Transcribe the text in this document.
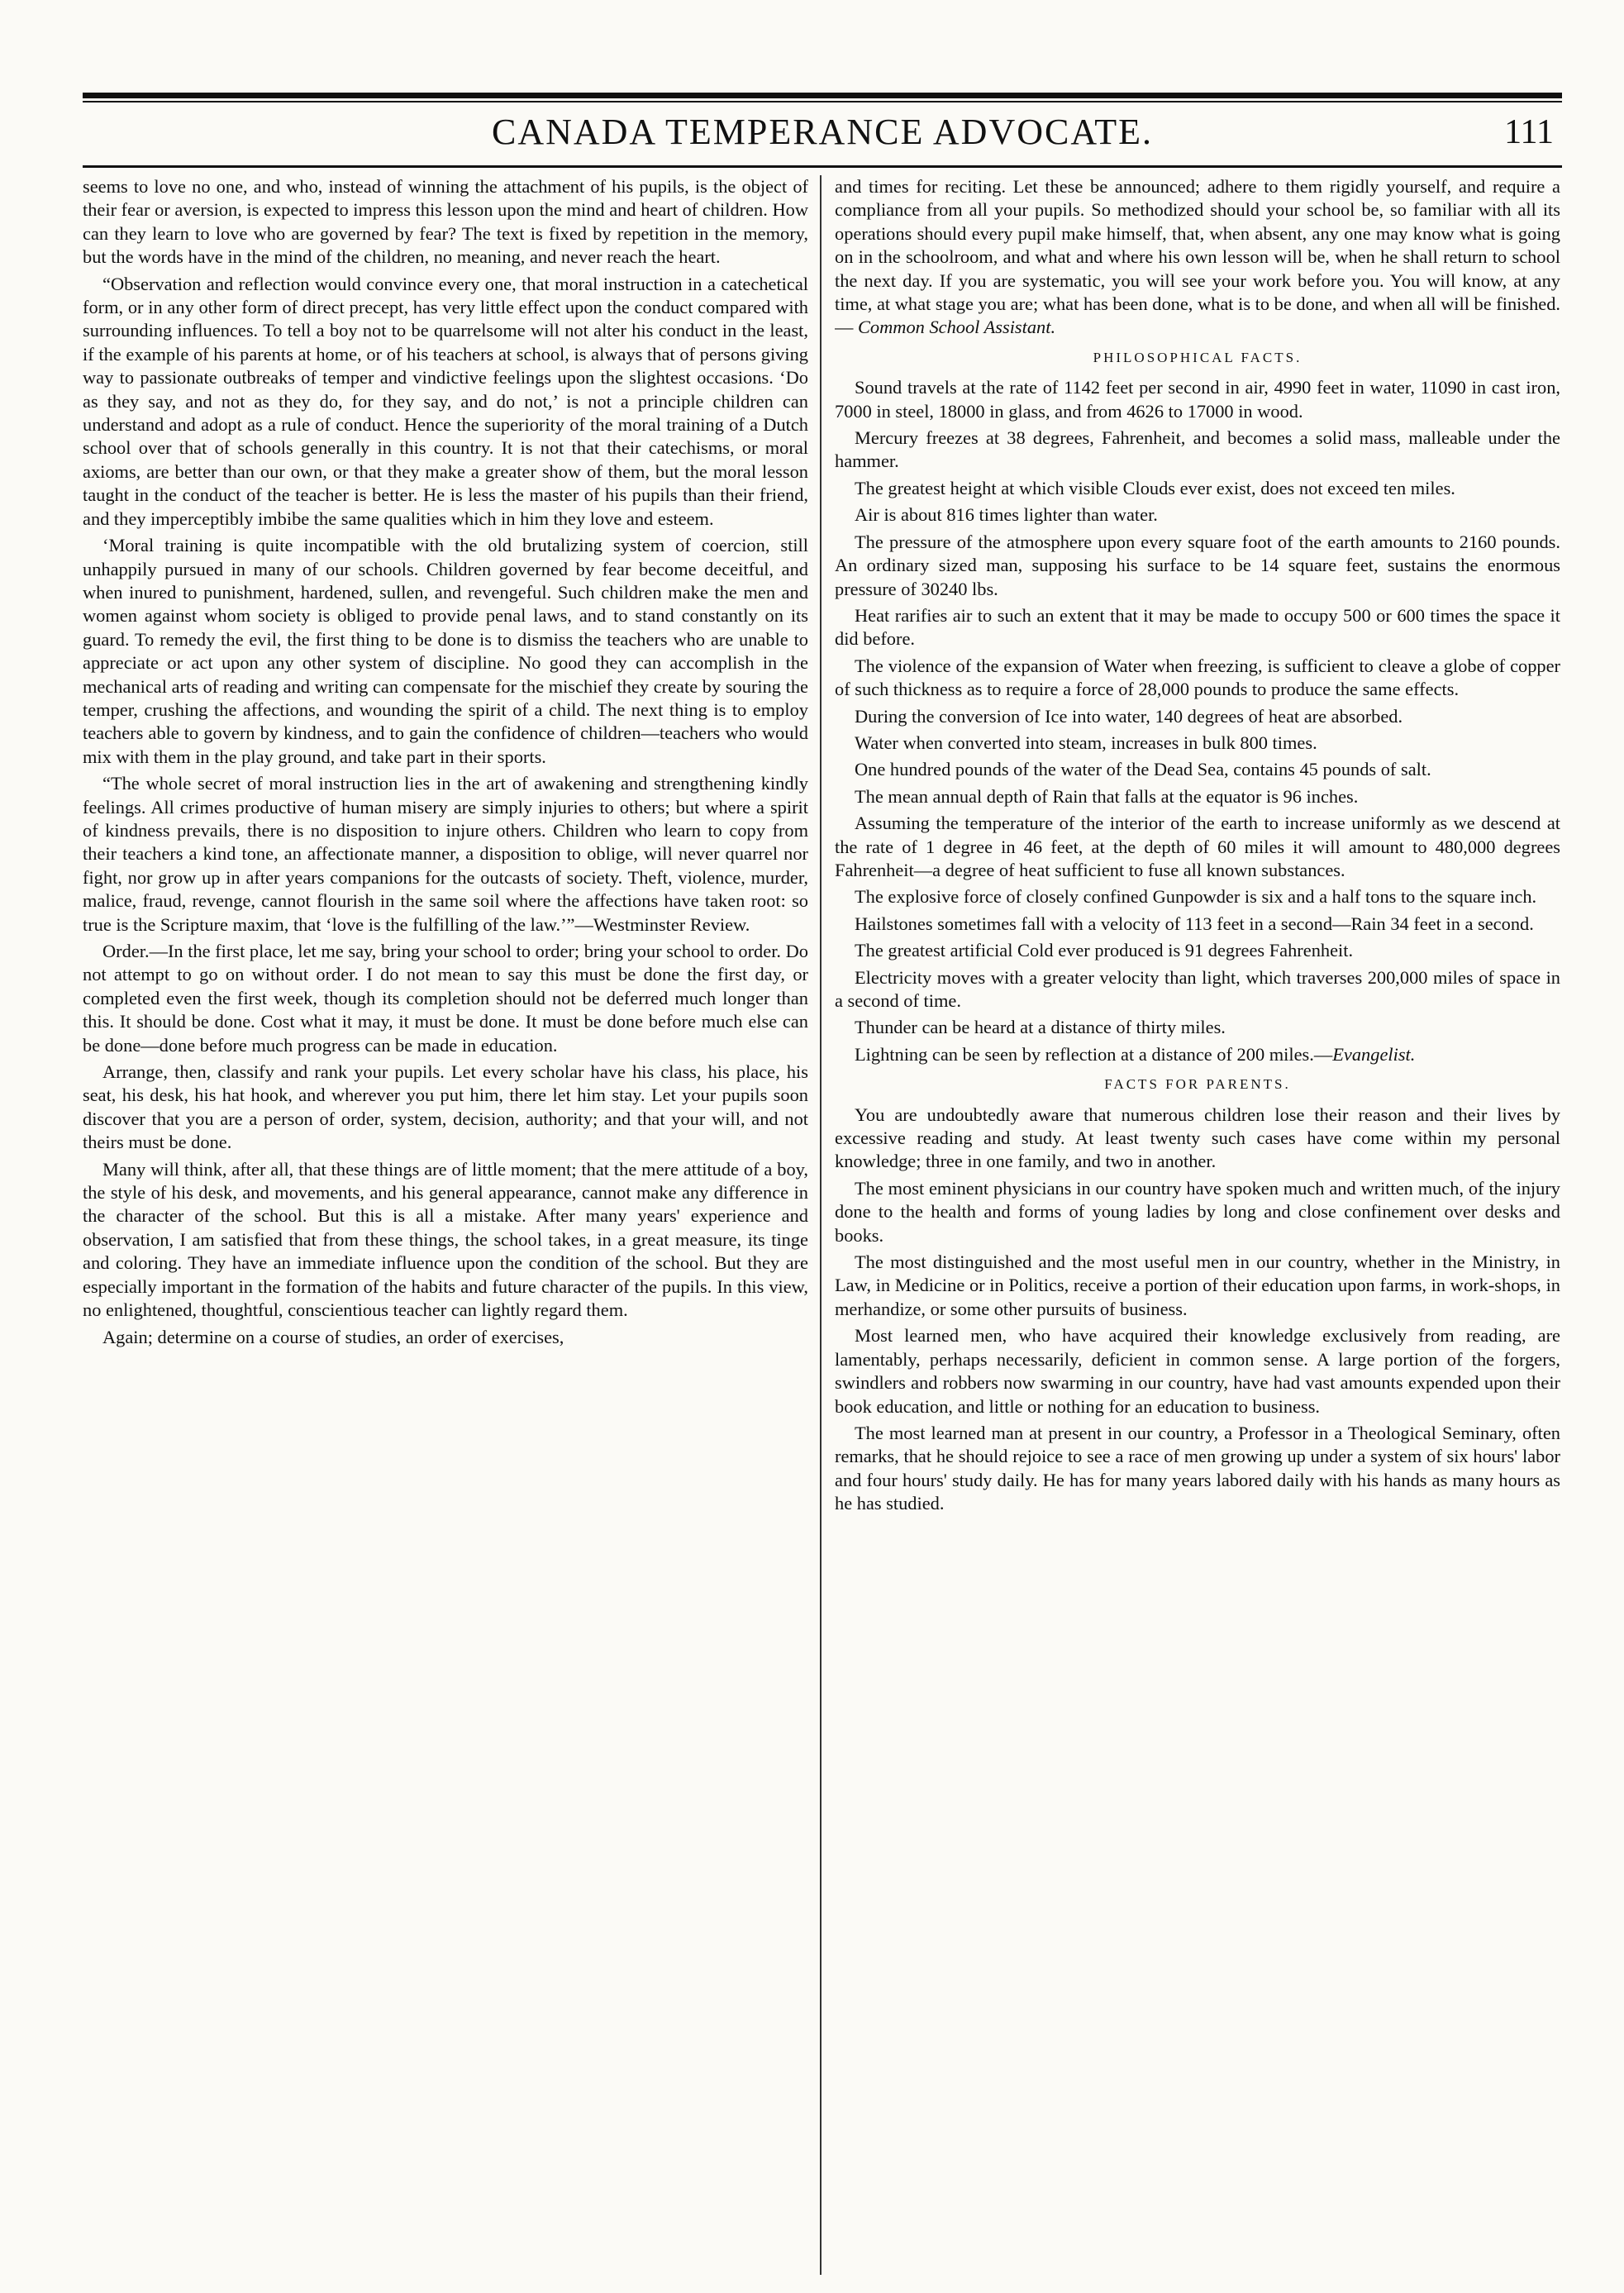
CANADA TEMPERANCE ADVOCATE.	111

seems to love no one, and who, instead of winning the attachment of his pupils, is the object of their fear or aversion, is expected to impress this lesson upon the mind and heart of children. How can they learn to love who are governed by fear? The text is fixed by repetition in the memory, but the words have in the mind of the children, no meaning, and never reach the heart.

“Observation and reflection would convince every one, that moral instruction in a catechetical form, or in any other form of direct precept, has very little effect upon the conduct compared with surrounding influences. To tell a boy not to be quarrelsome will not alter his conduct in the least, if the example of his parents at home, or of his teachers at school, is always that of persons giving way to passionate outbreaks of temper and vindictive feelings upon the slightest occasions. ‘Do as they say, and not as they do, for they say, and do not,’ is not a principle children can understand and adopt as a rule of conduct. Hence the superiority of the moral training of a Dutch school over that of schools generally in this country. It is not that their catechisms, or moral axioms, are better than our own, or that they make a greater show of them, but the moral lesson taught in the conduct of the teacher is better. He is less the master of his pupils than their friend, and they imperceptibly imbibe the same qualities which in him they love and esteem.

‘Moral training is quite incompatible with the old brutalizing system of coercion, still unhappily pursued in many of our schools. Children governed by fear become deceitful, and when inured to punishment, hardened, sullen, and revengeful. Such children make the men and women against whom society is obliged to provide penal laws, and to stand constantly on its guard. To remedy the evil, the first thing to be done is to dismiss the teachers who are unable to appreciate or act upon any other system of discipline. No good they can accomplish in the mechanical arts of reading and writing can compensate for the mischief they create by souring the temper, crushing the affections, and wounding the spirit of a child. The next thing is to employ teachers able to govern by kindness, and to gain the confidence of children—teachers who would mix with them in the play ground, and take part in their sports.

“The whole secret of moral instruction lies in the art of awakening and strengthening kindly feelings. All crimes productive of human misery are simply injuries to others; but where a spirit of kindness prevails, there is no disposition to injure others. Children who learn to copy from their teachers a kind tone, an affectionate manner, a disposition to oblige, will never quarrel nor fight, nor grow up in after years companions for the outcasts of society. Theft, violence, murder, malice, fraud, revenge, cannot flourish in the same soil where the affections have taken root: so true is the Scripture maxim, that ‘love is the fulfilling of the law.’”—Westminster Review.

Order.—In the first place, let me say, bring your school to order; bring your school to order. Do not attempt to go on without order. I do not mean to say this must be done the first day, or completed even the first week, though its completion should not be deferred much longer than this. It should be done. Cost what it may, it must be done. It must be done before much else can be done—done before much progress can be made in education.

Arrange, then, classify and rank your pupils. Let every scholar have his class, his place, his seat, his desk, his hat hook, and wherever you put him, there let him stay. Let your pupils soon discover that you are a person of order, system, decision, authority; and that your will, and not theirs must be done.

Many will think, after all, that these things are of little moment; that the mere attitude of a boy, the style of his desk, and movements, and his general appearance, cannot make any difference in the character of the school. But this is all a mistake. After many years' experience and observation, I am satisfied that from these things, the school takes, in a great measure, its tinge and coloring. They have an immediate influence upon the condition of the school. But they are especially important in the formation of the habits and future character of the pupils. In this view, no enlightened, thoughtful, conscientious teacher can lightly regard them.

Again; determine on a course of studies, an order of exercises,

and times for reciting. Let these be announced; adhere to them rigidly yourself, and require a compliance from all your pupils. So methodized should your school be, so familiar with all its operations should every pupil make himself, that, when absent, any one may know what is going on in the schoolroom, and what and where his own lesson will be, when he shall return to school the next day. If you are systematic, you will see your work before you. You will know, at any time, at what stage you are; what has been done, what is to be done, and when all will be finished.— Common School Assistant.

PHILOSOPHICAL FACTS.

Sound travels at the rate of 1142 feet per second in air, 4990 feet in water, 11090 in cast iron, 7000 in steel, 18000 in glass, and from 4626 to 17000 in wood.

Mercury freezes at 38 degrees, Fahrenheit, and becomes a solid mass, malleable under the hammer.

The greatest height at which visible Clouds ever exist, does not exceed ten miles.

Air is about 816 times lighter than water.

The pressure of the atmosphere upon every square foot of the earth amounts to 2160 pounds. An ordinary sized man, supposing his surface to be 14 square feet, sustains the enormous pressure of 30240 lbs.

Heat rarifies air to such an extent that it may be made to occupy 500 or 600 times the space it did before.

The violence of the expansion of Water when freezing, is sufficient to cleave a globe of copper of such thickness as to require a force of 28,000 pounds to produce the same effects.

During the conversion of Ice into water, 140 degrees of heat are absorbed.

Water when converted into steam, increases in bulk 800 times.

One hundred pounds of the water of the Dead Sea, contains 45 pounds of salt.

The mean annual depth of Rain that falls at the equator is 96 inches.

Assuming the temperature of the interior of the earth to increase uniformly as we descend at the rate of 1 degree in 46 feet, at the depth of 60 miles it will amount to 480,000 degrees Fahrenheit—a degree of heat sufficient to fuse all known substances.

The explosive force of closely confined Gunpowder is six and a half tons to the square inch.

Hailstones sometimes fall with a velocity of 113 feet in a second—Rain 34 feet in a second.

The greatest artificial Cold ever produced is 91 degrees Fahrenheit.

Electricity moves with a greater velocity than light, which traverses 200,000 miles of space in a second of time.

Thunder can be heard at a distance of thirty miles.

Lightning can be seen by reflection at a distance of 200 miles.—Evangelist.

FACTS FOR PARENTS.

You are undoubtedly aware that numerous children lose their reason and their lives by excessive reading and study. At least twenty such cases have come within my personal knowledge; three in one family, and two in another.

The most eminent physicians in our country have spoken much and written much, of the injury done to the health and forms of young ladies by long and close confinement over desks and books.

The most distinguished and the most useful men in our country, whether in the Ministry, in Law, in Medicine or in Politics, receive a portion of their education upon farms, in work-shops, in merhandize, or some other pursuits of business.

Most learned men, who have acquired their knowledge exclusively from reading, are lamentably, perhaps necessarily, deficient in common sense. A large portion of the forgers, swindlers and robbers now swarming in our country, have had vast amounts expended upon their book education, and little or nothing for an education to business.

The most learned man at present in our country, a Professor in a Theological Seminary, often remarks, that he should rejoice to see a race of men growing up under a system of six hours' labor and four hours' study daily. He has for many years labored daily with his hands as many hours as he has studied.
